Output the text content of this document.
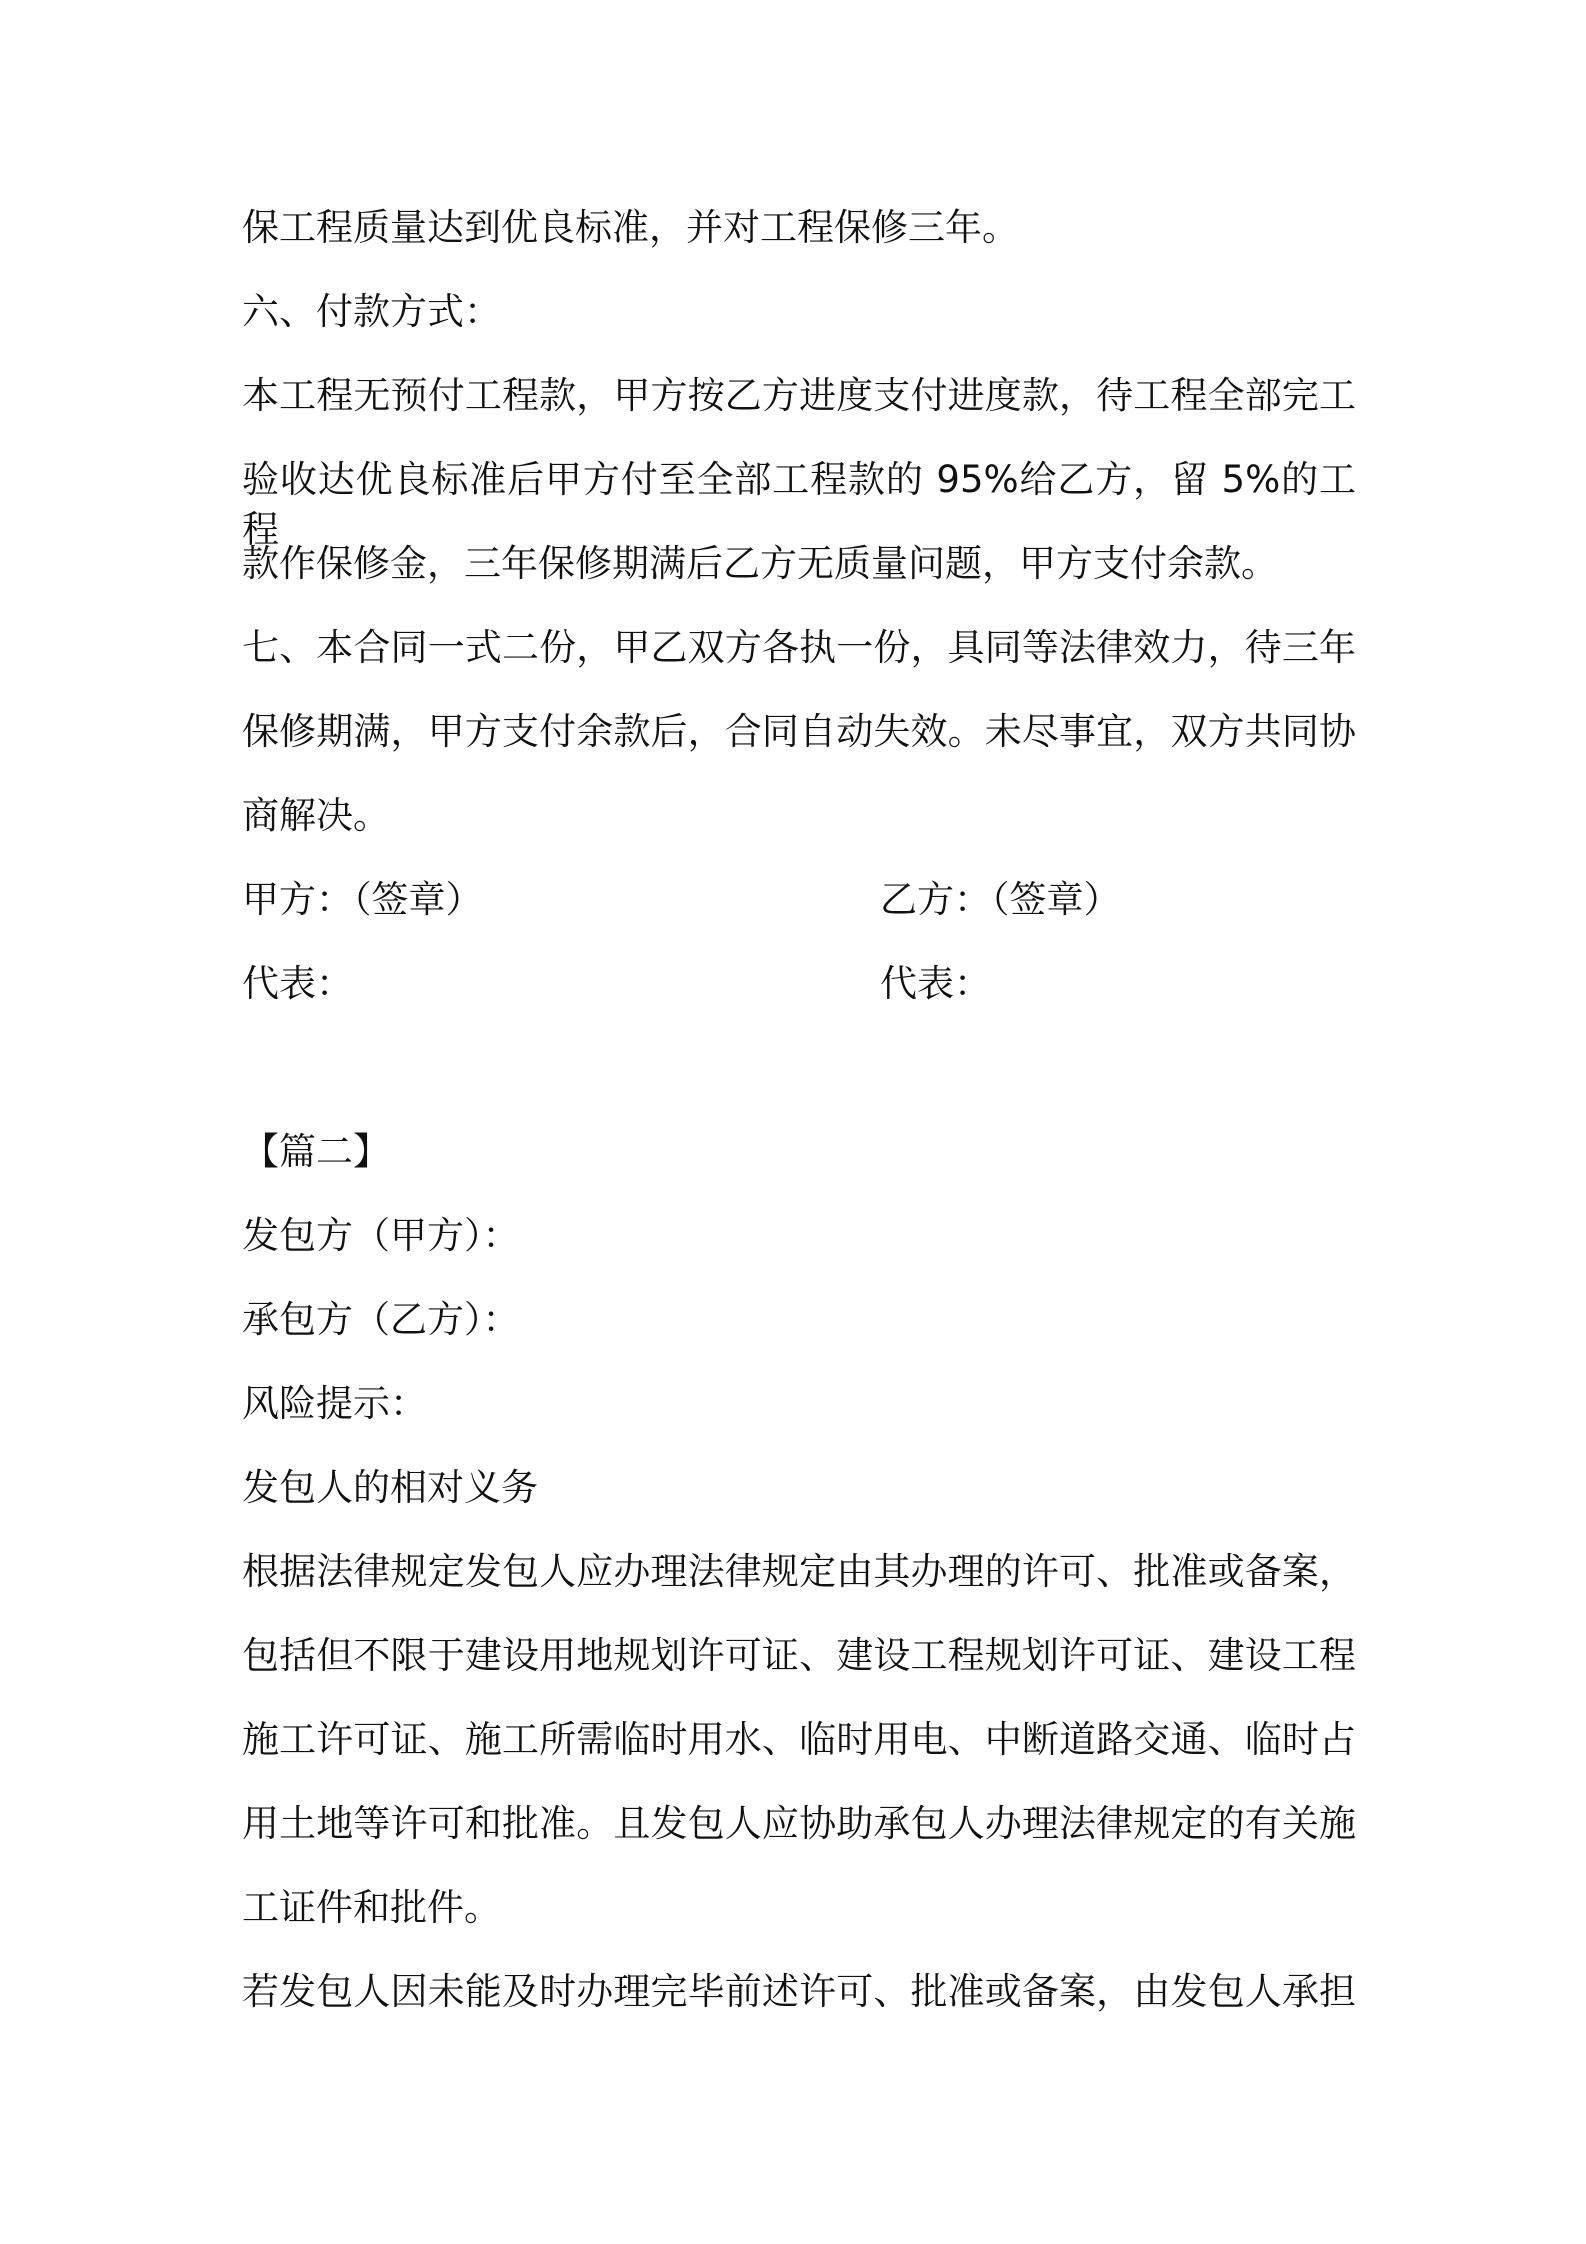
保工程质量达到优良标准，并对工程保修三年。
六、付款方式：
本工程无预付工程款，甲方按乙方进度支付进度款，待工程全部完工
验收达优良标准后甲方付至全部工程款的 95%给乙方，留 5%的工程
款作保修金，三年保修期满后乙方无质量问题，甲方支付余款。
七、本合同一式二份，甲乙双方各执一份，具同等法律效力，待三年
保修期满，甲方支付余款后，合同自动失效。未尽事宜，双方共同协
商解决。
甲方：（签章）	乙方：（签章）
代表：	代表：
【篇二】
发包方（甲方）：
承包方（乙方）：
风险提示：
发包人的相对义务
根据法律规定发包人应办理法律规定由其办理的许可、批准或备案，
包括但不限于建设用地规划许可证、建设工程规划许可证、建设工程
施工许可证、施工所需临时用水、临时用电、中断道路交通、临时占
用土地等许可和批准。且发包人应协助承包人办理法律规定的有关施
工证件和批件。
若发包人因未能及时办理完毕前述许可、批准或备案，由发包人承担
